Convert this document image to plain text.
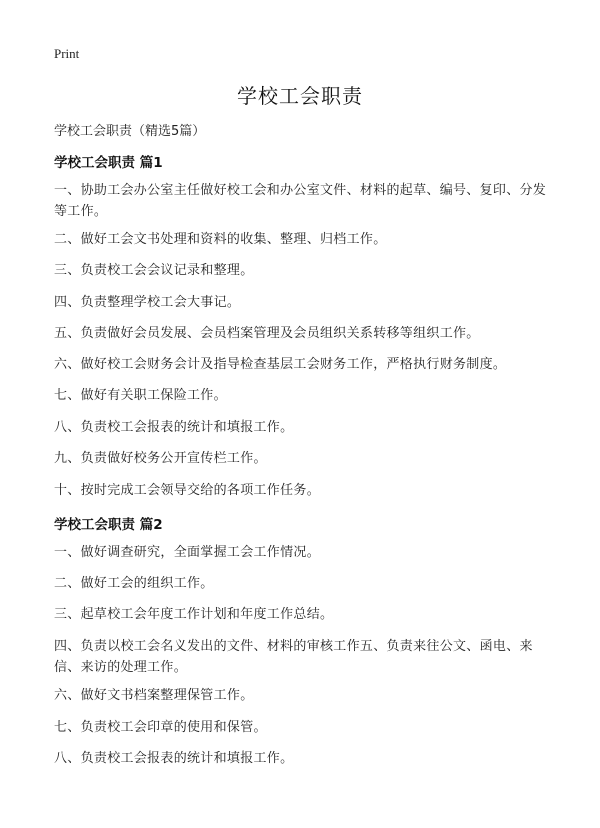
Print
学校工会职责
学校工会职责（精选5篇）
学校工会职责 篇1
一、协助工会办公室主任做好校工会和办公室文件、材料的起草、编号、复印、分发等工作。
二、做好工会文书处理和资料的收集、整理、归档工作。
三、负责校工会会议记录和整理。
四、负责整理学校工会大事记。
五、负责做好会员发展、会员档案管理及会员组织关系转移等组织工作。
六、做好校工会财务会计及指导检查基层工会财务工作，严格执行财务制度。
七、做好有关职工保险工作。
八、负责校工会报表的统计和填报工作。
九、负责做好校务公开宣传栏工作。
十、按时完成工会领导交给的各项工作任务。
学校工会职责 篇2
一、做好调查研究，全面掌握工会工作情况。
二、做好工会的组织工作。
三、起草校工会年度工作计划和年度工作总结。
四、负责以校工会名义发出的文件、材料的审核工作五、负责来往公文、函电、来信、来访的处理工作。
六、做好文书档案整理保管工作。
七、负责校工会印章的使用和保管。
八、负责校工会报表的统计和填报工作。
